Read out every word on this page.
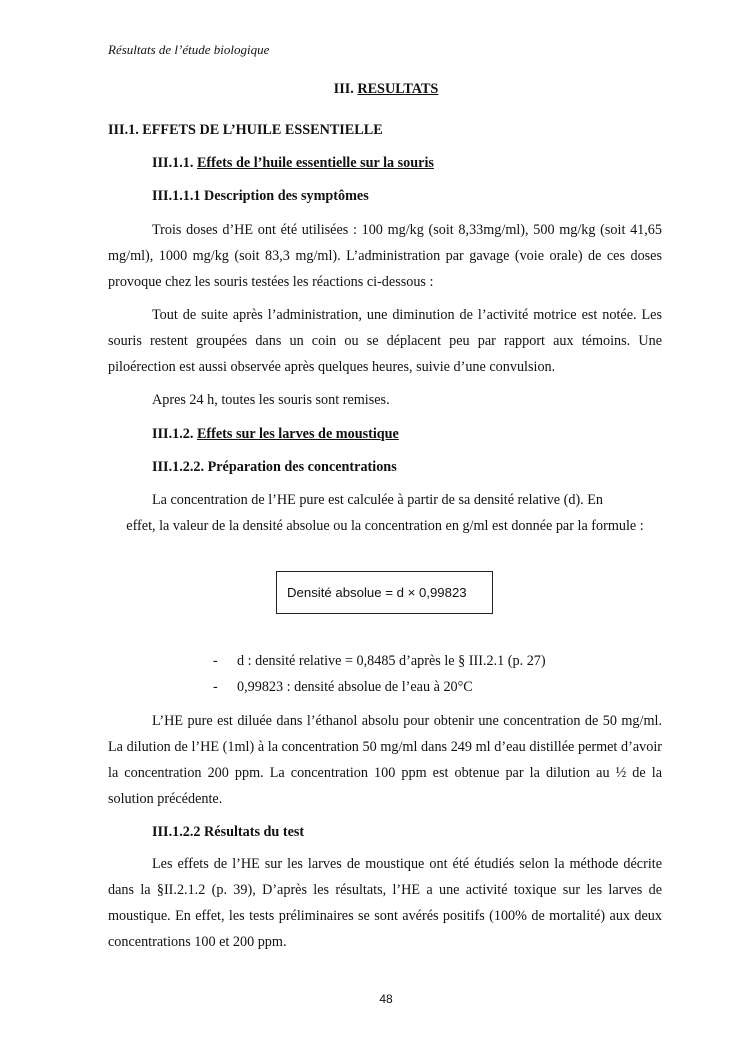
Résultats de l’étude biologique
III. RESULTATS
III.1. EFFETS DE L’HUILE ESSENTIELLE
III.1.1. Effets de l’huile essentielle sur la souris
III.1.1.1 Description des symptômes
Trois doses d’HE ont été utilisées : 100 mg/kg (soit 8,33mg/ml), 500 mg/kg (soit 41,65 mg/ml), 1000 mg/kg (soit 83,3 mg/ml). L’administration par gavage (voie orale) de ces doses provoque chez les souris testées les réactions ci-dessous :
Tout de suite après l’administration, une diminution de l’activité motrice est notée. Les souris restent groupées dans un coin ou se déplacent peu par rapport aux témoins. Une piloérection est aussi observée après quelques heures, suivie d’une convulsion.
Apres 24 h, toutes les souris sont remises.
III.1.2. Effets sur les larves de moustique
III.1.2.2. Préparation des concentrations
La concentration de l’HE pure est calculée à partir de sa densité relative (d). En
effet, la valeur de la densité absolue ou la concentration en g/ml est donnée par la formule :
Densité absolue = d × 0,99823
- d : densité relative = 0,8485 d’après le § III.2.1 (p. 27)
- 0,99823 : densité absolue de l’eau à 20°C
L’HE pure est diluée dans l’éthanol absolu pour obtenir une concentration de 50 mg/ml. La dilution de l’HE (1ml) à la concentration 50 mg/ml dans 249 ml d’eau distillée permet d’avoir la concentration 200 ppm. La concentration 100 ppm est obtenue par la dilution au ½ de la solution précédente.
III.1.2.2 Résultats du test
Les effets de l’HE sur les larves de moustique ont été étudiés selon la méthode décrite dans la §II.2.1.2 (p. 39), D’après les résultats, l’HE a une activité toxique sur les larves de moustique. En effet, les tests préliminaires se sont avérés positifs (100% de mortalité) aux deux concentrations 100 et 200 ppm.
48
